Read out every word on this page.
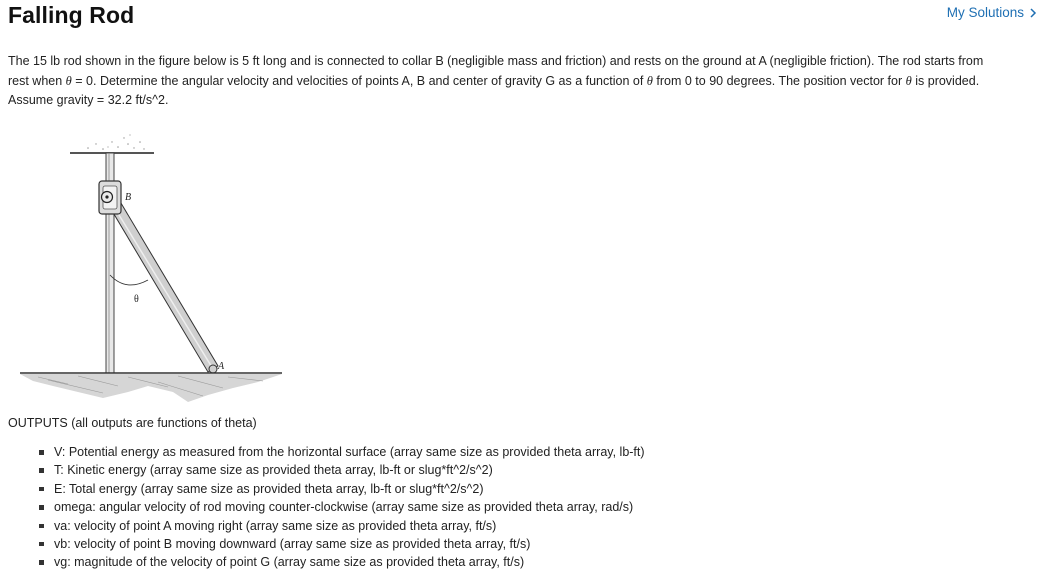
Falling Rod	My Solutions

The 15 lb rod shown in the figure below is 5 ft long and is connected to collar B (negligible mass and friction) and rests on the ground at A (negligible friction). The rod starts from
rest when θ = 0. Determine the angular velocity and velocities of points A, B and center of gravity G as a function of θ from 0 to 90 degrees. The position vector for θ is provided.
Assume gravity = 32.2 ft/s^2.

B
θ
A

OUTPUTS (all outputs are functions of theta)

V: Potential energy as measured from the horizontal surface (array same size as provided theta array, lb-ft)
T: Kinetic energy (array same size as provided theta array, lb-ft or slug*ft^2/s^2)
E: Total energy (array same size as provided theta array, lb-ft or slug*ft^2/s^2)
omega: angular velocity of rod moving counter-clockwise (array same size as provided theta array, rad/s)
va: velocity of point A moving right (array same size as provided theta array, ft/s)
vb: velocity of point B moving downward (array same size as provided theta array, ft/s)
vg: magnitude of the velocity of point G (array same size as provided theta array, ft/s)
